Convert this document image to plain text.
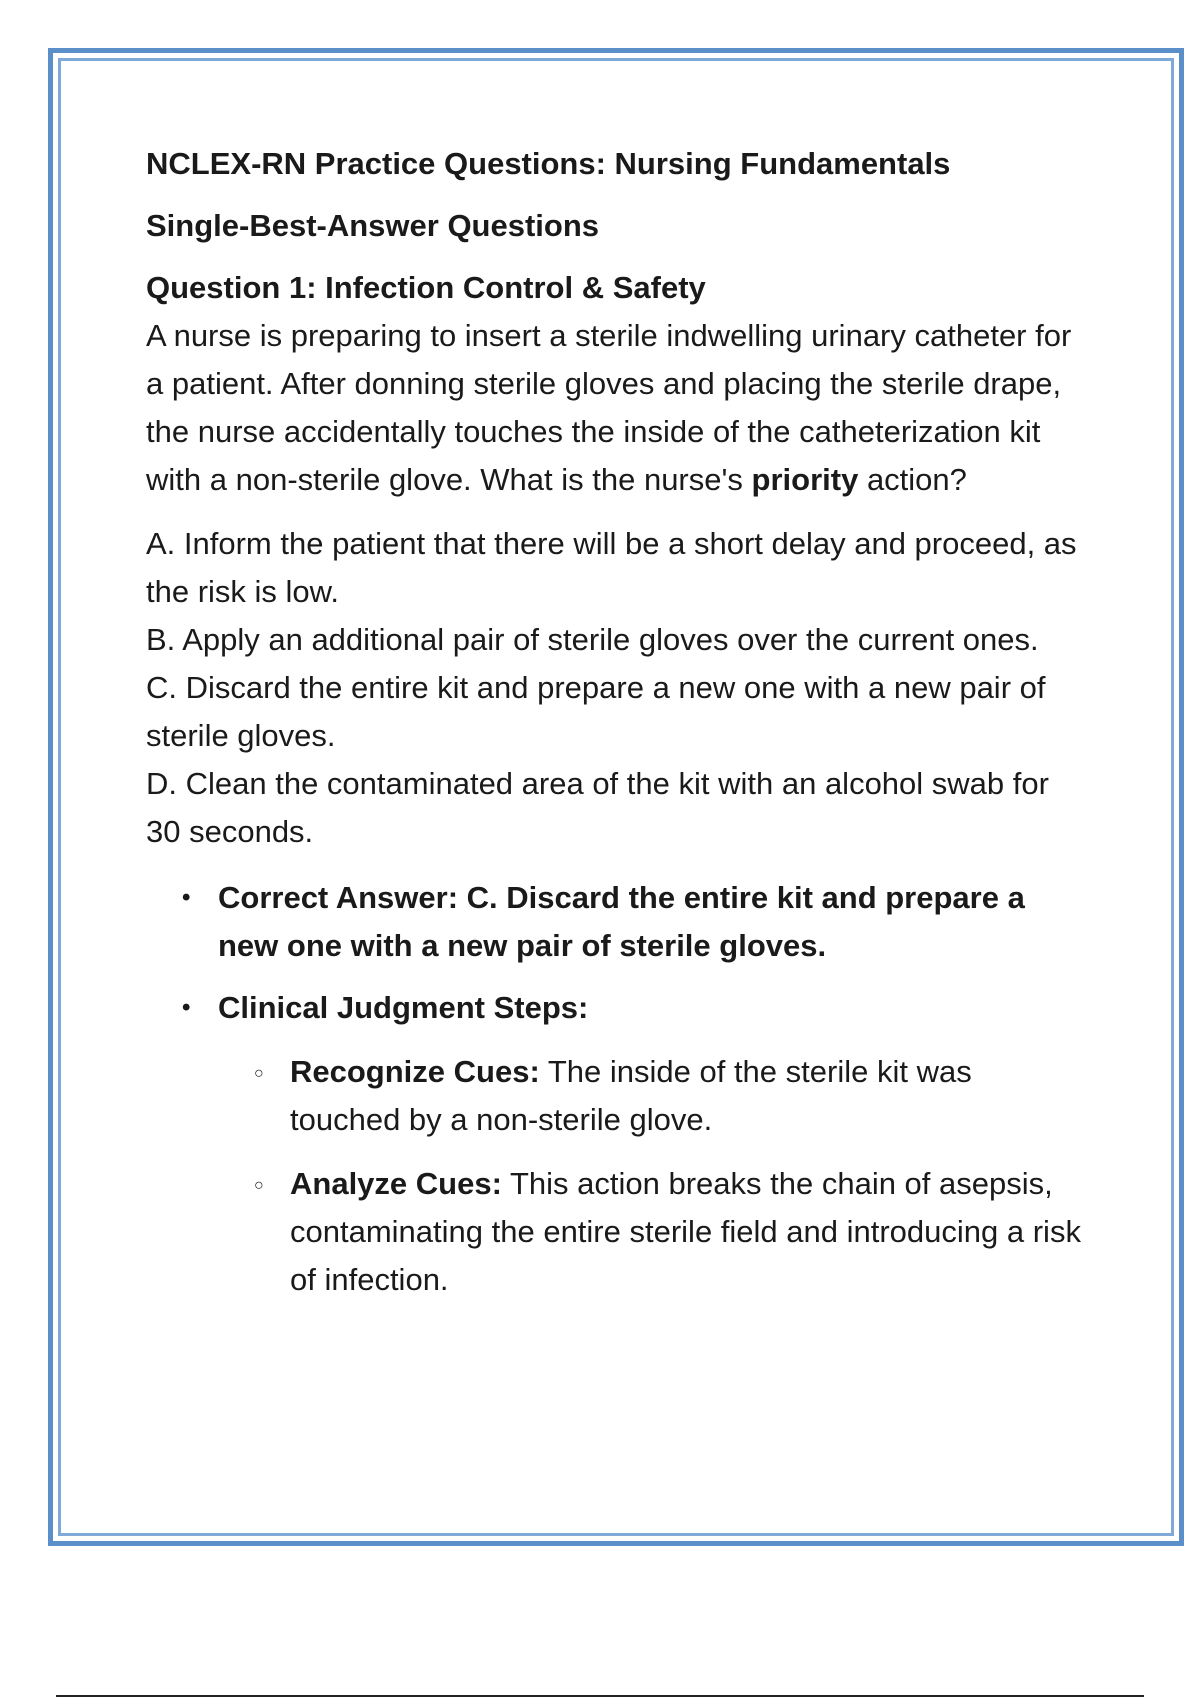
NCLEX-RN Practice Questions: Nursing Fundamentals

Single-Best-Answer Questions

Question 1: Infection Control & Safety

A nurse is preparing to insert a sterile indwelling urinary catheter for a patient. After donning sterile gloves and placing the sterile drape, the nurse accidentally touches the inside of the catheterization kit with a non-sterile glove. What is the nurse's priority action?

A. Inform the patient that there will be a short delay and proceed, as the risk is low.

B. Apply an additional pair of sterile gloves over the current ones.

C. Discard the entire kit and prepare a new one with a new pair of sterile gloves.

D. Clean the contaminated area of the kit with an alcohol swab for 30 seconds.

• Correct Answer: C. Discard the entire kit and prepare a new one with a new pair of sterile gloves.
• Clinical Judgment Steps:
○ Recognize Cues: The inside of the sterile kit was touched by a non-sterile glove.
○ Analyze Cues: This action breaks the chain of asepsis, contaminating the entire sterile field and introducing a risk of infection.
